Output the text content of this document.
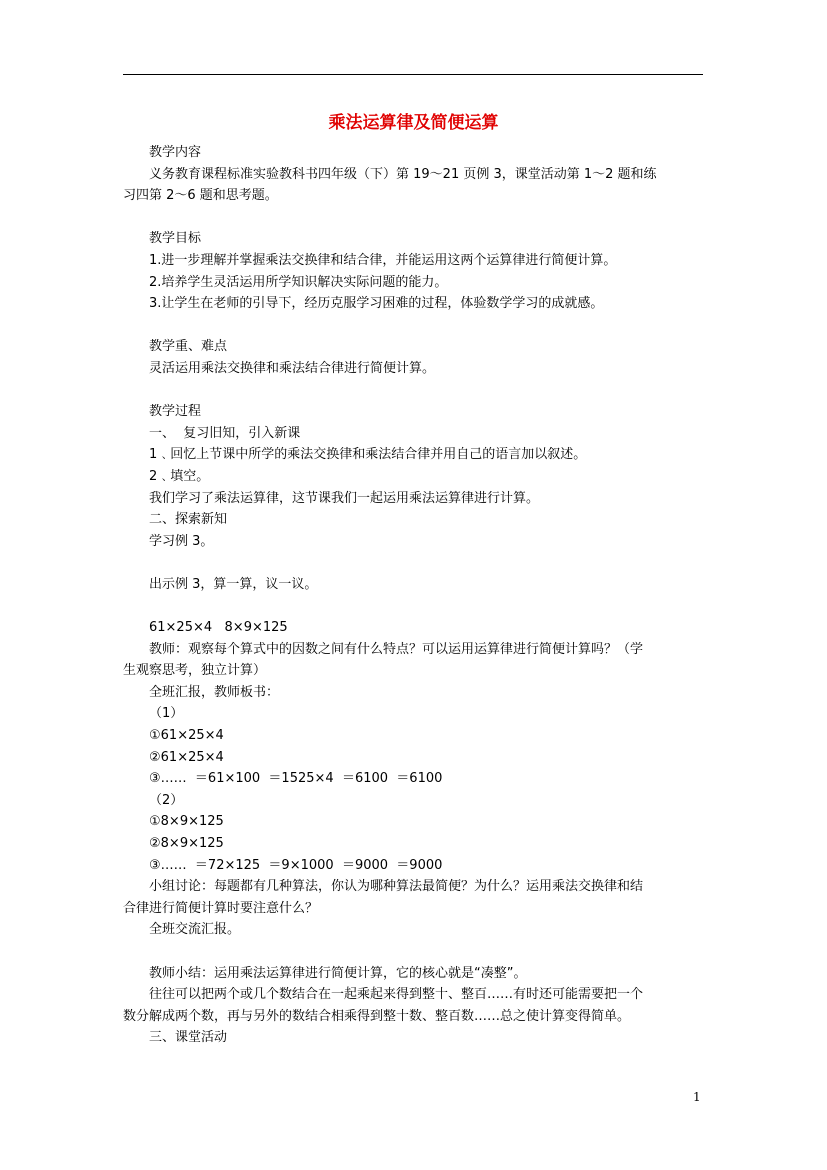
乘法运算律及简便运算

教学内容

义务教育课程标准实验教科书四年级（下）第 19～21 页例 3，课堂活动第 1～2 题和练

习四第 2～6 题和思考题。

教学目标

1.进一步理解并掌握乘法交换律和结合律，并能运用这两个运算律进行简便计算。

2.培养学生灵活运用所学知识解决实际问题的能力。

3.让学生在老师的引导下，经历克服学习困难的过程，体验数学学习的成就感。

教学重、难点

灵活运用乘法交换律和乘法结合律进行简便计算。

教学过程

一、  复习旧知，引入新课

1﹑回忆上节课中所学的乘法交换律和乘法结合律并用自己的语言加以叙述。

2﹑填空。

我们学习了乘法运算律，这节课我们一起运用乘法运算律进行计算。

二、探索新知

学习例 3。

出示例 3，算一算，议一议。

61×25×4   8×9×125

教师：观察每个算式中的因数之间有什么特点？可以运用运算律进行简便计算吗？（学

生观察思考，独立计算）

全班汇报，教师板书：

（1）

①61×25×4

②61×25×4

③……  ＝61×100  ＝1525×4  ＝6100  ＝6100

（2）

①8×9×125

②8×9×125

③……  ＝72×125  ＝9×1000  ＝9000  ＝9000

小组讨论：每题都有几种算法，你认为哪种算法最简便？为什么？运用乘法交换律和结

合律进行简便计算时要注意什么？

全班交流汇报。

教师小结：运用乘法运算律进行简便计算，它的核心就是“凑整”。

往往可以把两个或几个数结合在一起乘起来得到整十、整百……有时还可能需要把一个

数分解成两个数，再与另外的数结合相乘得到整十数、整百数……总之使计算变得简单。

三、课堂活动

1
